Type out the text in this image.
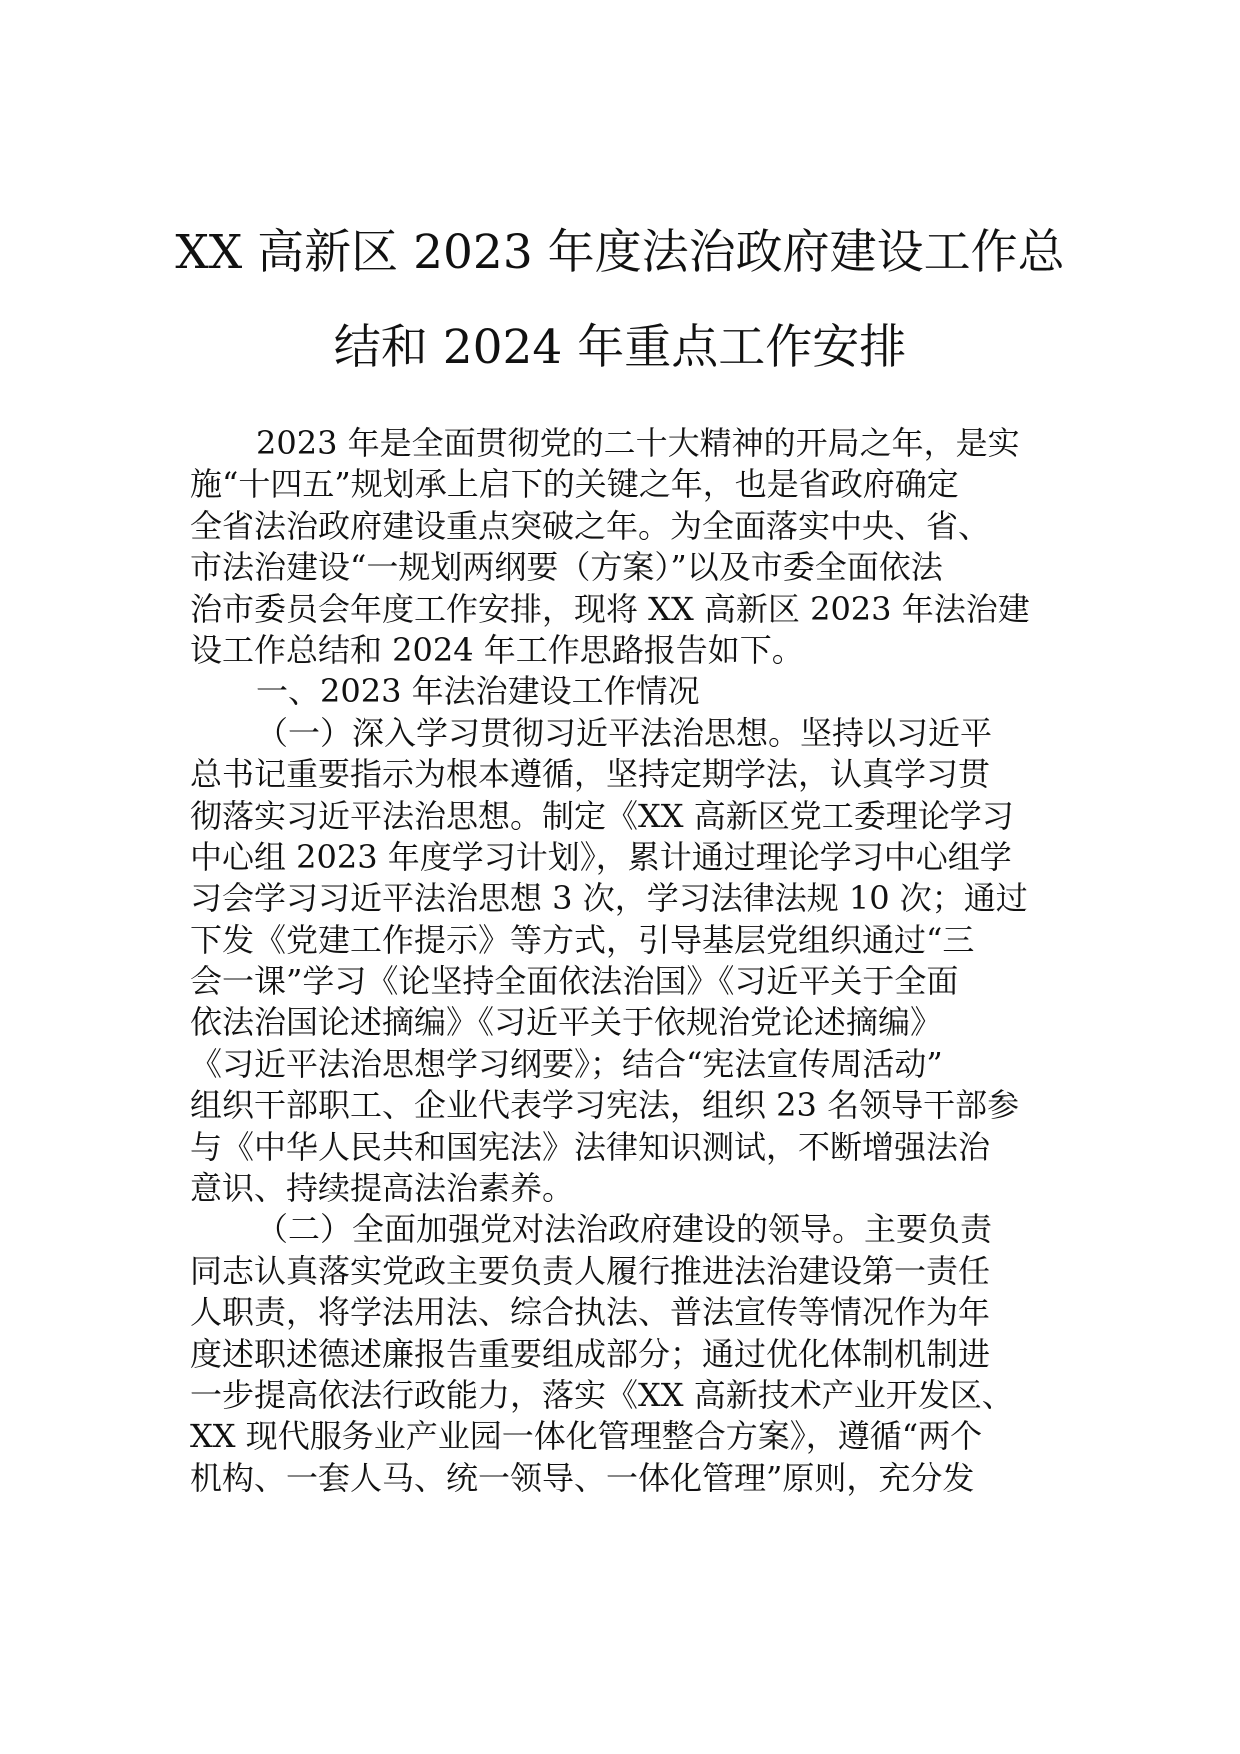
XX 高新区 2023 年度法治政府建设工作总
结和 2024 年重点工作安排
2023 年是全面贯彻党的二十大精神的开局之年，是实
施“十四五”规划承上启下的关键之年，也是省政府确定
全省法治政府建设重点突破之年。为全面落实中央、省、
市法治建设“一规划两纲要（方案）”以及市委全面依法
治市委员会年度工作安排，现将 XX 高新区 2023 年法治建
设工作总结和 2024 年工作思路报告如下。
一、2023 年法治建设工作情况
（一）深入学习贯彻习近平法治思想。坚持以习近平
总书记重要指示为根本遵循，坚持定期学法，认真学习贯
彻落实习近平法治思想。制定《XX 高新区党工委理论学习
中心组 2023 年度学习计划》，累计通过理论学习中心组学
习会学习习近平法治思想 3 次，学习法律法规 10 次；通过
下发《党建工作提示》等方式，引导基层党组织通过“三
会一课”学习《论坚持全面依法治国》《习近平关于全面
依法治国论述摘编》《习近平关于依规治党论述摘编》
《习近平法治思想学习纲要》；结合“宪法宣传周活动”
组织干部职工、企业代表学习宪法，组织 23 名领导干部参
与《中华人民共和国宪法》法律知识测试，不断增强法治
意识、持续提高法治素养。
（二）全面加强党对法治政府建设的领导。主要负责
同志认真落实党政主要负责人履行推进法治建设第一责任
人职责，将学法用法、综合执法、普法宣传等情况作为年
度述职述德述廉报告重要组成部分；通过优化体制机制进
一步提高依法行政能力，落实《XX 高新技术产业开发区、
XX 现代服务业产业园一体化管理整合方案》，遵循“两个
机构、一套人马、统一领导、一体化管理”原则，充分发
